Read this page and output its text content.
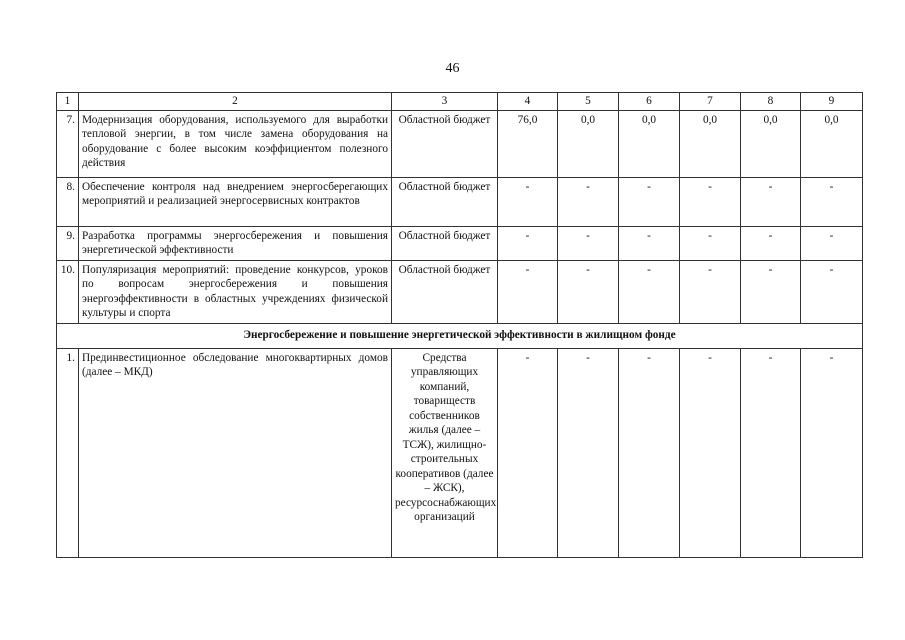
46
1	2	3	4	5	6	7	8	9
7.	Модернизация оборудования, используемого для выработки тепловой энергии, в том числе замена оборудования на оборудование с более высоким коэффициентом полезного действия	Областной бюджет	76,0	0,0	0,0	0,0	0,0	0,0
8.	Обеспечение контроля над внедрением энергосберегающих мероприятий и реализацией энергосервисных контрактов	Областной бюджет	-	-	-	-	-	-
9.	Разработка программы энергосбережения и повышения энергетической эффективности	Областной бюджет	-	-	-	-	-	-
10.	Популяризация мероприятий: проведение конкурсов, уроков по вопросам энергосбережения и повышения энергоэффективности в областных учреждениях физической культуры и спорта	Областной бюджет	-	-	-	-	-	-
Энергосбережение и повышение энергетической эффективности в жилищном фонде								
1.	Прединвестиционное обследование многоквартирных домов (далее – МКД)	Средства управляющих компаний, товариществ собственников жилья (далее – ТСЖ), жилищно-строительных кооперативов (далее – ЖСК), ресурсоснабжающих организаций	-	-	-	-	-	-
